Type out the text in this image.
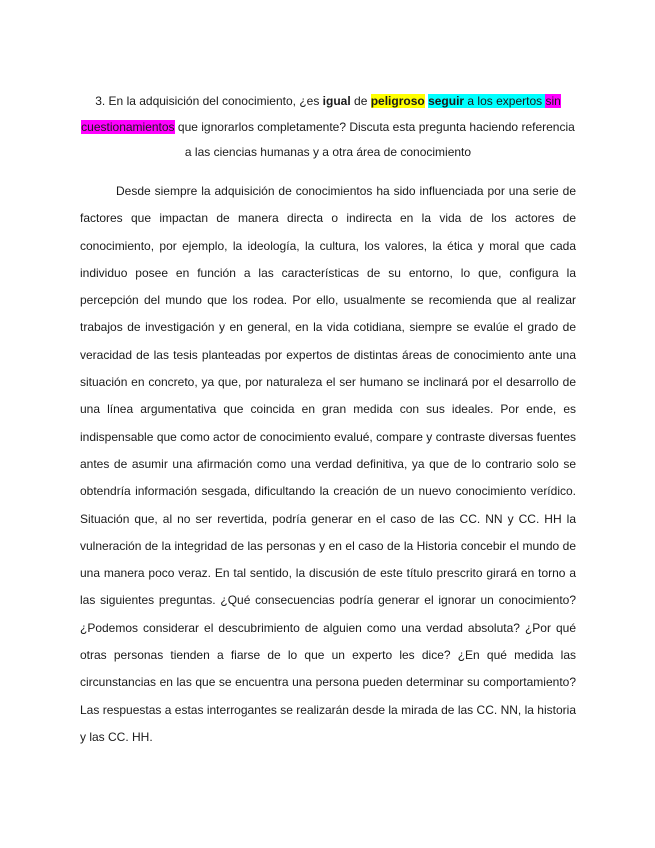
3. En la adquisición del conocimiento, ¿es igual de peligroso seguir a los expertos sin cuestionamientos que ignorarlos completamente? Discuta esta pregunta haciendo referencia a las ciencias humanas y a otra área de conocimiento

Desde siempre la adquisición de conocimientos ha sido influenciada por una serie de factores que impactan de manera directa o indirecta en la vida de los actores de conocimiento, por ejemplo, la ideología, la cultura, los valores, la ética y moral que cada individuo posee en función a las características de su entorno, lo que, configura la percepción del mundo que los rodea. Por ello, usualmente se recomienda que al realizar trabajos de investigación y en general, en la vida cotidiana, siempre se evalúe el grado de veracidad de las tesis planteadas por expertos de distintas áreas de conocimiento ante una situación en concreto, ya que, por naturaleza el ser humano se inclinará por el desarrollo de una línea argumentativa que coincida en gran medida con sus ideales. Por ende, es indispensable que como actor de conocimiento evalué, compare y contraste diversas fuentes antes de asumir una afirmación como una verdad definitiva, ya que de lo contrario solo se obtendría información sesgada, dificultando la creación de un nuevo conocimiento verídico. Situación que, al no ser revertida, podría generar en el caso de las CC. NN y CC. HH la vulneración de la integridad de las personas y en el caso de la Historia concebir el mundo de una manera poco veraz. En tal sentido, la discusión de este título prescrito girará en torno a las siguientes preguntas. ¿Qué consecuencias podría generar el ignorar un conocimiento? ¿Podemos considerar el descubrimiento de alguien como una verdad absoluta? ¿Por qué otras personas tienden a fiarse de lo que un experto les dice? ¿En qué medida las circunstancias en las que se encuentra una persona pueden determinar su comportamiento? Las respuestas a estas interrogantes se realizarán desde la mirada de las CC. NN, la historia y las CC. HH.
